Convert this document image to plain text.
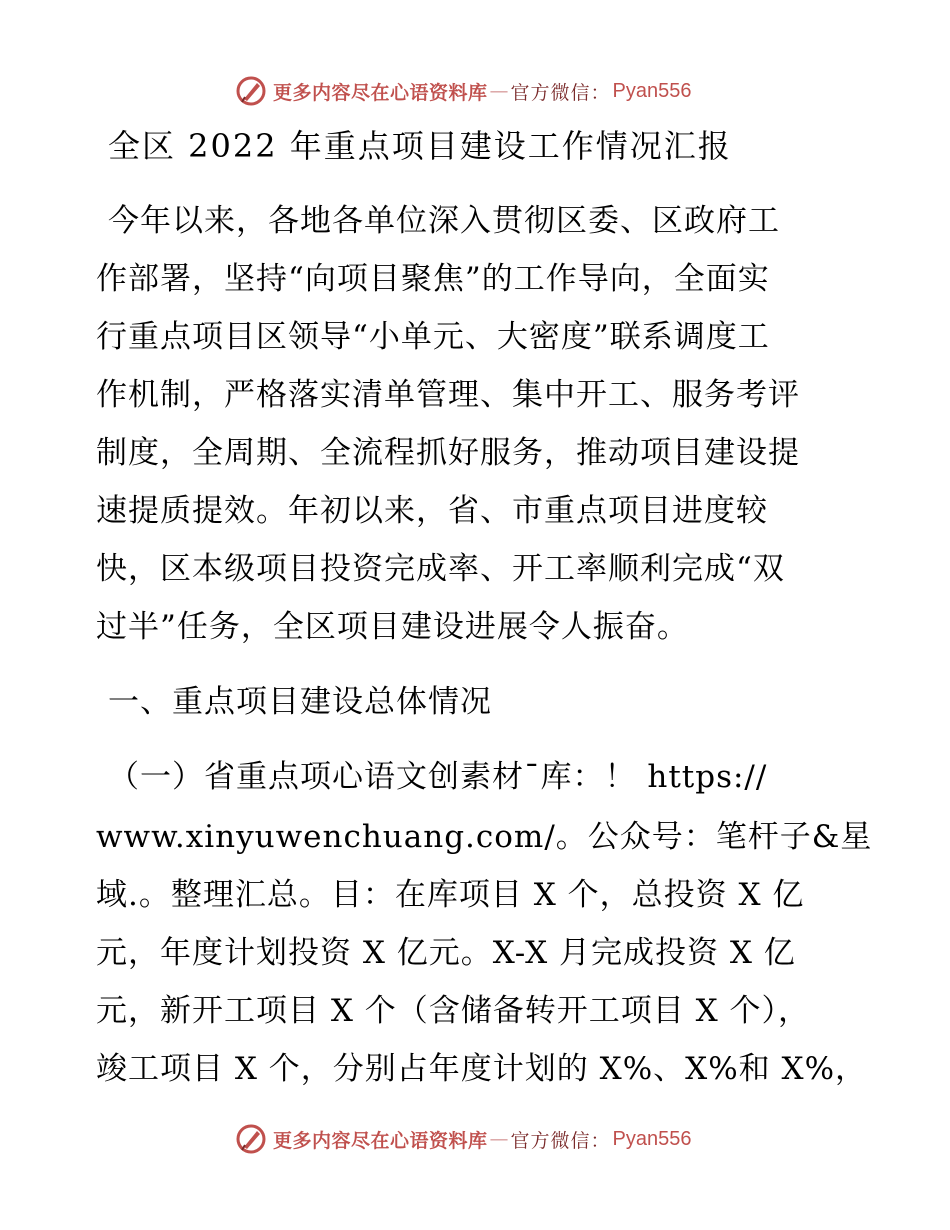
更多内容尽在心语资料库 — 官方微信： Pyan556
全区 2022 年重点项目建设工作情况汇报
今年以来，各地各单位深入贯彻区委、区政府工
作部署，坚持“向项目聚焦”的工作导向，全面实
行重点项目区领导“小单元、大密度”联系调度工
作机制，严格落实清单管理、集中开工、服务考评
制度，全周期、全流程抓好服务，推动项目建设提
速提质提效。年初以来，省、市重点项目进度较
快，区本级项目投资完成率、开工率顺利完成“双
过半”任务，全区项目建设进展令人振奋。
一、重点项目建设总体情况
（一）省重点项心语文创素材¯库：！ https://
www.xinyuwenchuang.com/。公众号：笔杆子&星
域.。整理汇总。目：在库项目 X 个，总投资 X 亿
元，年度计划投资 X 亿元。X-X 月完成投资 X 亿
元，新开工项目 X 个（含储备转开工项目 X 个），
竣工项目 X 个，分别占年度计划的 X%、X%和 X%，
更多内容尽在心语资料库 — 官方微信： Pyan556
